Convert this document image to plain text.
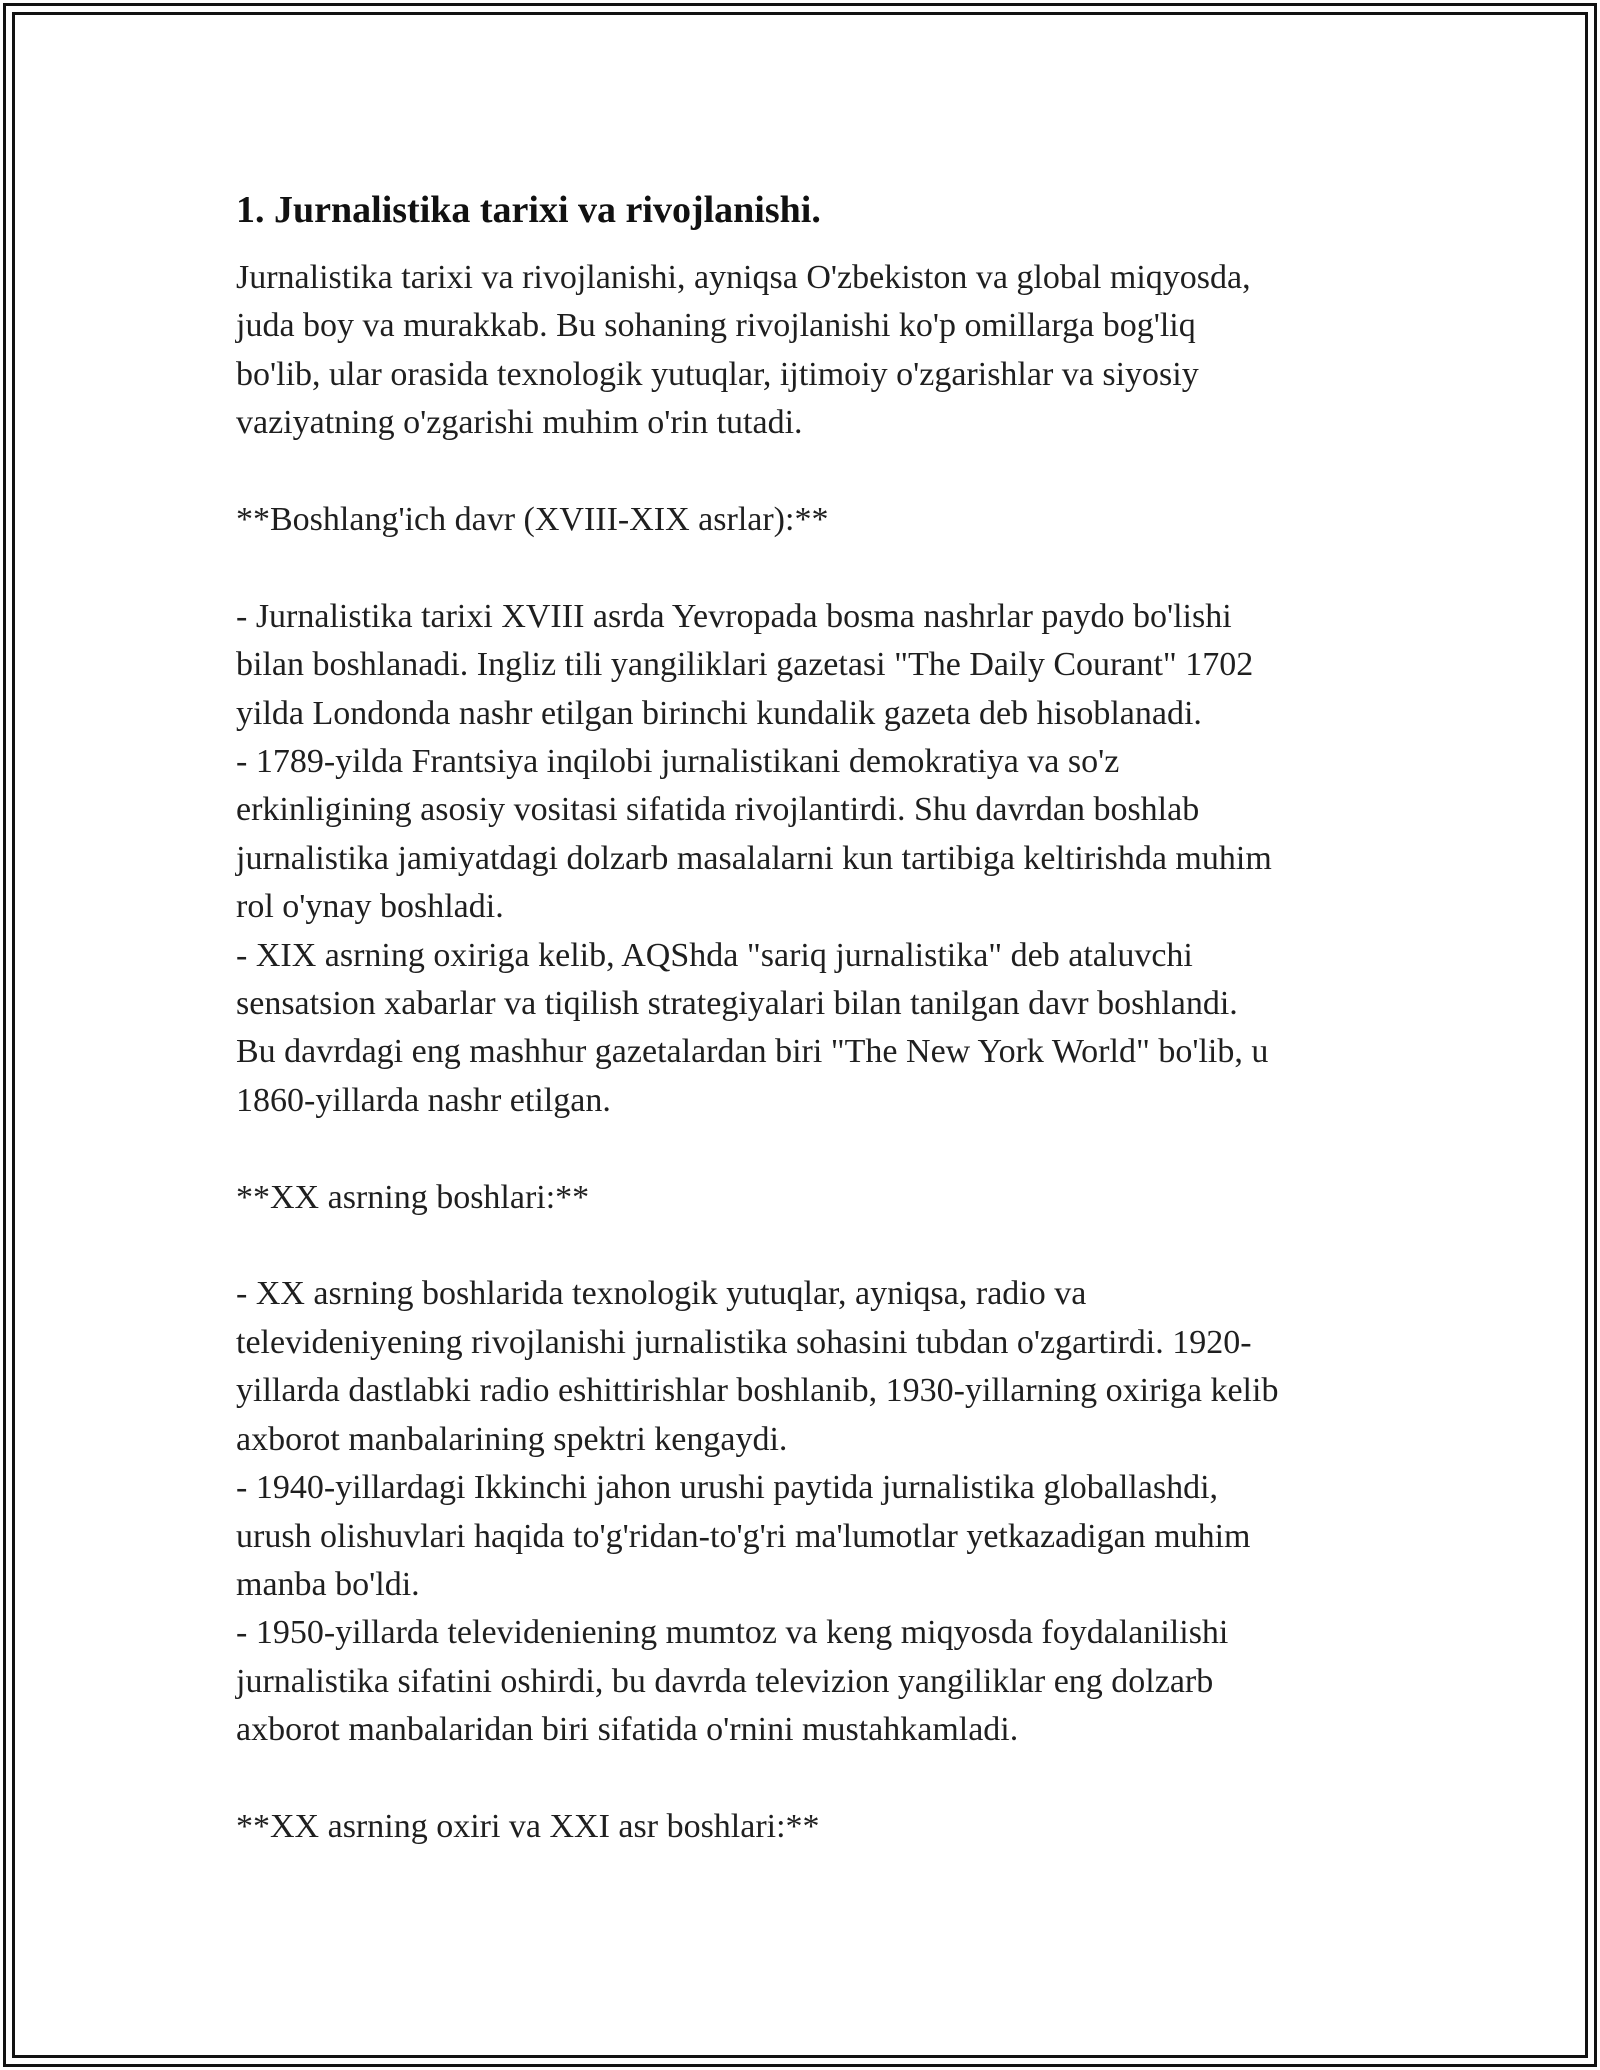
1. Jurnalistika tarixi va rivojlanishi.

Jurnalistika tarixi va rivojlanishi, ayniqsa O'zbekiston va global miqyosda,
juda boy va murakkab. Bu sohaning rivojlanishi ko'p omillarga bog'liq
bo'lib, ular orasida texnologik yutuqlar, ijtimoiy o'zgarishlar va siyosiy
vaziyatning o'zgarishi muhim o'rin tutadi.

**Boshlang'ich davr (XVIII-XIX asrlar):**

- Jurnalistika tarixi XVIII asrda Yevropada bosma nashrlar paydo bo'lishi
bilan boshlanadi. Ingliz tili yangiliklari gazetasi "The Daily Courant" 1702
yilda Londonda nashr etilgan birinchi kundalik gazeta deb hisoblanadi.
- 1789-yilda Frantsiya inqilobi jurnalistikani demokratiya va so'z
erkinligining asosiy vositasi sifatida rivojlantirdi. Shu davrdan boshlab
jurnalistika jamiyatdagi dolzarb masalalarni kun tartibiga keltirishda muhim
rol o'ynay boshladi.
- XIX asrning oxiriga kelib, AQShda "sariq jurnalistika" deb ataluvchi
sensatsion xabarlar va tiqilish strategiyalari bilan tanilgan davr boshlandi.
Bu davrdagi eng mashhur gazetalardan biri "The New York World" bo'lib, u
1860-yillarda nashr etilgan.

**XX asrning boshlari:**

- XX asrning boshlarida texnologik yutuqlar, ayniqsa, radio va
televideniyening rivojlanishi jurnalistika sohasini tubdan o'zgartirdi. 1920-
yillarda dastlabki radio eshittirishlar boshlanib, 1930-yillarning oxiriga kelib
axborot manbalarining spektri kengaydi.
- 1940-yillardagi Ikkinchi jahon urushi paytida jurnalistika globallashdi,
urush olishuvlari haqida to'g'ridan-to'g'ri ma'lumotlar yetkazadigan muhim
manba bo'ldi.
- 1950-yillarda televideniening mumtoz va keng miqyosda foydalanilishi
jurnalistika sifatini oshirdi, bu davrda televizion yangiliklar eng dolzarb
axborot manbalaridan biri sifatida o'rnini mustahkamladi.

**XX asrning oxiri va XXI asr boshlari:**
